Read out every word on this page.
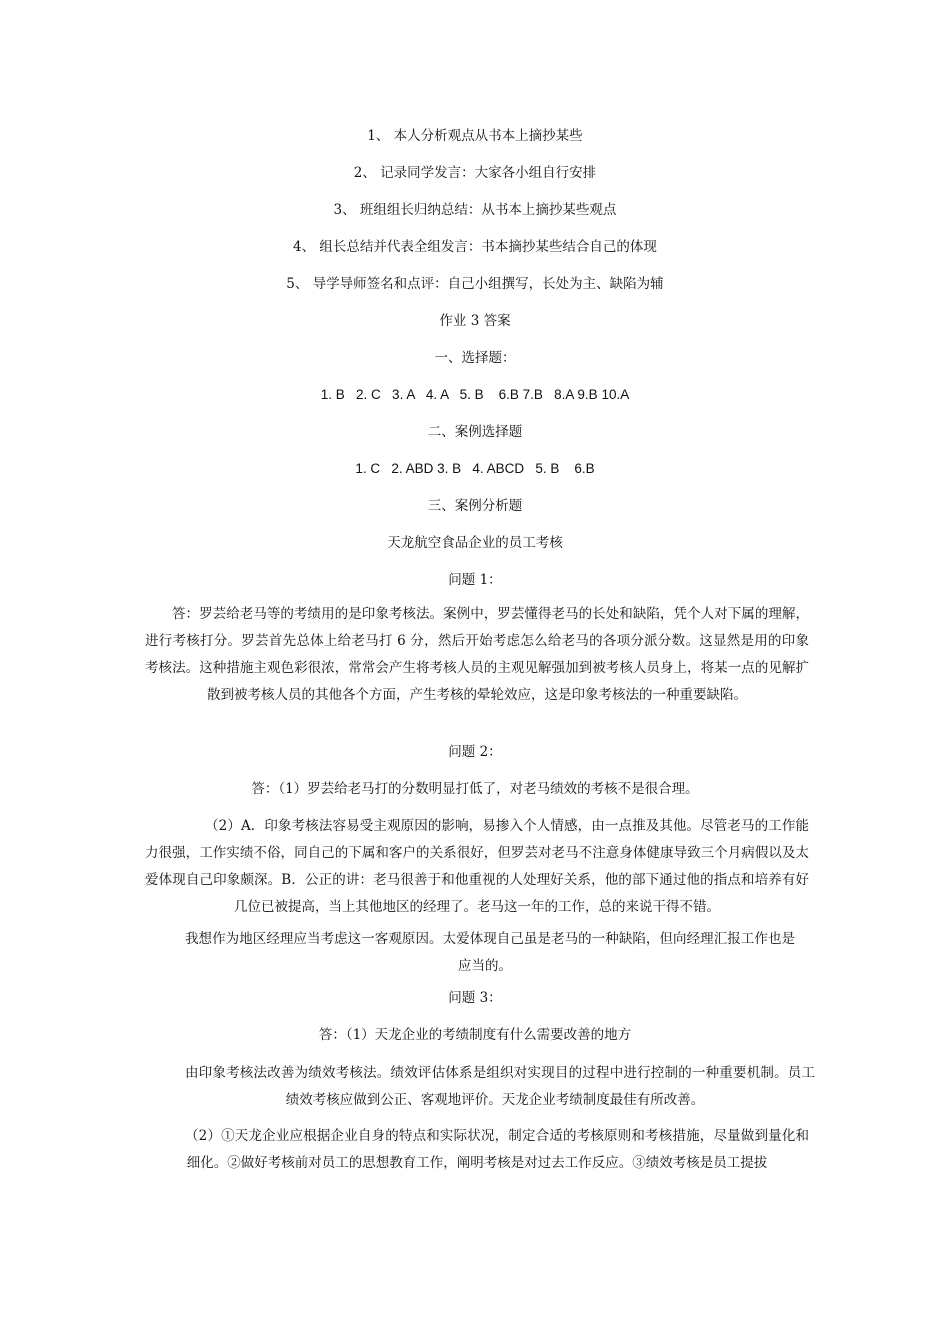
1、 本人分析观点从书本上摘抄某些
2、 记录同学发言：大家各小组自行安排
3、 班组组长归纳总结：从书本上摘抄某些观点
4、 组长总结并代表全组发言：书本摘抄某些结合自己的体现
5、 导学导师签名和点评：自己小组撰写，长处为主、缺陷为辅
作业 3 答案
一、选择题：
1. B   2. C   3. A   4. A   5. B    6.B 7.B   8.A 9.B 10.A
二、案例选择题
1. C   2. ABD 3. B   4. ABCD   5. B    6.B
三、案例分析题
天龙航空食品企业的员工考核
问题 1：
答：罗芸给老马等的考绩用的是印象考核法。案例中，罗芸懂得老马的长处和缺陷，凭个人对下属的理解，进行考核打分。罗芸首先总体上给老马打 6 分，然后开始考虑怎么给老马的各项分派分数。这显然是用的印象考核法。这种措施主观色彩很浓，常常会产生将考核人员的主观见解强加到被考核人员身上，将某一点的见解扩散到被考核人员的其他各个方面，产生考核的晕轮效应，这是印象考核法的一种重要缺陷。
问题 2：
答：（1）罗芸给老马打的分数明显打低了，对老马绩效的考核不是很合理。
（2）A．印象考核法容易受主观原因的影响，易掺入个人情感，由一点推及其他。尽管老马的工作能力很强，工作实绩不俗，同自己的下属和客户的关系很好，但罗芸对老马不注意身体健康导致三个月病假以及太爱体现自己印象颇深。B．公正的讲：老马很善于和他重视的人处理好关系，他的部下通过他的指点和培养有好几位已被提高，当上其他地区的经理了。老马这一年的工作，总的来说干得不错。
我想作为地区经理应当考虑这一客观原因。太爱体现自己虽是老马的一种缺陷，但向经理汇报工作也是应当的。
问题 3：
答：（1）天龙企业的考绩制度有什么需要改善的地方
由印象考核法改善为绩效考核法。绩效评估体系是组织对实现目的过程中进行控制的一种重要机制。员工绩效考核应做到公正、客观地评价。天龙企业考绩制度最佳有所改善。
（2）①天龙企业应根据企业自身的特点和实际状况，制定合适的考核原则和考核措施，尽量做到量化和细化。②做好考核前对员工的思想教育工作，阐明考核是对过去工作反应。③绩效考核是员工提拔
